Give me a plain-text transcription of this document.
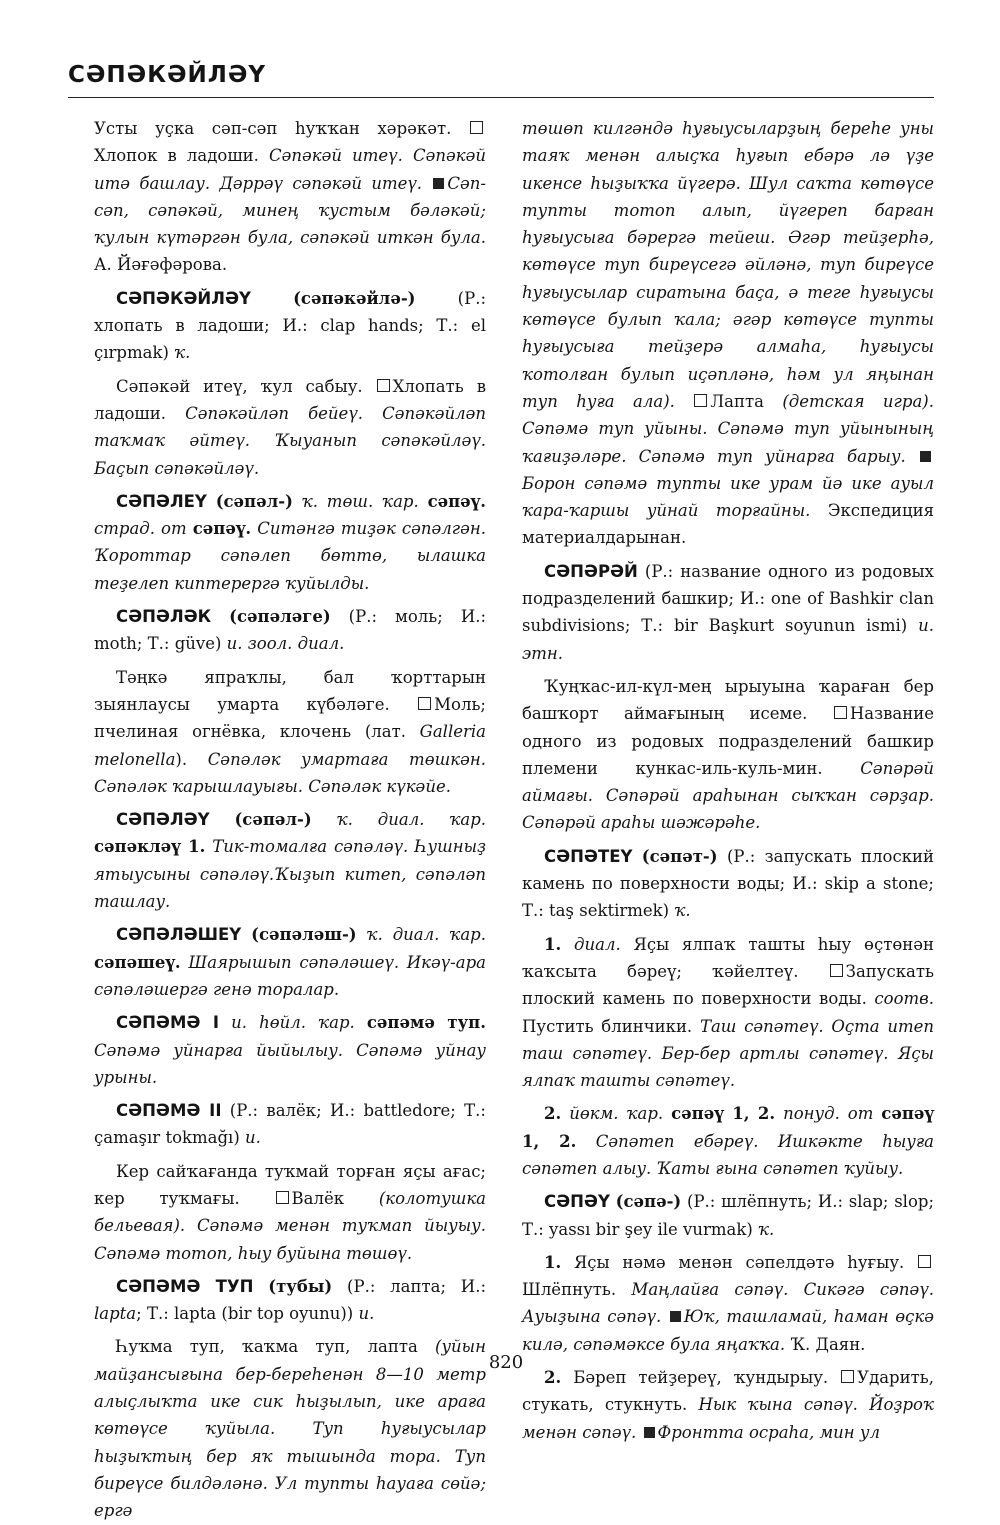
СӘПӘКӘЙЛӘҮ

Усты уҫка сәп-сәп һуҡҡан хәрәкәт. Хлопок в ладоши. Сәпәкәй итеү. Сәпәкәй итә башлау. Дәррәү сәпәкәй итеү. Сәп-сәп, сәпәкәй, минең ҡустым бәләкәй; ҡулын күтәргән була, сәпәкәй иткән була. А. Йәғәфәрова.

СӘПӘКӘЙЛӘҮ	(сәпәкәйлә-)	(Р.: хлопать в ладоши; И.: clap hands; Т.: el çırpmak) ҡ.

Сәпәкәй итеү, ҡул сабыу. Хлопать в ладоши. Сәпәкәйләп бейеү. Сәпәкәйләп таҡмаҡ әйтеү. Ҡыуанып сәпәкәйләү. Баҫып сәпәкәйләү.

СӘПӘЛЕҮ (сәпәл-) ҡ. төш. ҡар. сәпәү. страд. от сәпәү. Ситәнгә тиҙәк сәпәлгән. Ҡороттар сәпәлеп бөттө, ылашка теҙелеп киптерергә ҡуйылды.

СӘПӘЛӘК (сәпәләге) (Р.: моль; И.: moth; Т.: güve) и. зоол. диал.

Тәңкә япраҡлы, бал ҡорттарын зыянлаусы умарта күбәләге.	Моль; пчелиная огнёвка, клочень (лат. Galleria melonella). Сәпәләк умартаға төшкән. Сәпәләк ҡарышлауығы. Сәпәләк күкәйе.

СӘПӘЛӘҮ (сәпәл-) ҡ. диал. ҡар. сәпәкләү 1. Тик-томалға сәпәләү. Һушныҙ ятыусыны сәпәләү.Ҡыҙып китеп, сәпәләп ташлау.

СӘПӘЛӘШЕҮ (сәпәләш-) ҡ. диал. ҡар. сәпәшеү. Шаярышып сәпәләшеү. Икәү-ара сәпәләшергә генә торалар.

СӘПӘМӘ I и. һөйл. ҡар. сәпәмә туп. Сәпәмә уйнарға йыйылыу. Сәпәмә уйнау урыны.

СӘПӘМӘ II (Р.: валёк; И.: battledore; Т.: çamaşır tokmağı) и.

Кер сайҡағанда туҡмай торған яҫы ағас; кер туҡмағы.	Валёк (колотушка бельевая). Сәпәмә менән туҡмап йыуыу. Сәпәмә тотоп, һыу буйына төшөү.

СӘПӘМӘ ТУП (тубы) (Р.: лапта; И.: lapta; Т.: lapta (bir top oyunu)) и.

Һуҡма туп, ҡаҡма туп, лапта (уйын майҙансығына бер-береһенән 8—10 метр алыҫлыҡта ике сик һыҙылып, ике араға көтөүсе ҡуйыла. Туп һуғыусылар һыҙыҡтың бер яҡ тышында тора. Туп биреүсе билдәләнә. Ул тупты һауаға сөйә; ергә

төшөп килгәндә һуғыусыларҙың береһе уны таяҡ менән алыҫҡа һуғып ебәрә лә үҙе икенсе һыҙыҡҡа йүгерә. Шул саҡта көтөүсе тупты тотоп алып, йүгереп барған һуғыусыға бәрергә тейеш. Әгәр тейҙерһә, көтөүсе туп биреүсегә әйләнә, туп биреүсе һуғыусылар сиратына баҫа, ә теге һуғыусы көтөүсе булып ҡала; әгәр көтөүсе тупты һуғыусыға тейҙерә алмаһа, һуғыусы ҡотолған булып иҫәпләнә, һәм ул яңынан туп һуға ала). Лапта (детская игра). Сәпәмә туп уйыны. Сәпәмә туп уйынының ҡағиҙәләре. Сәпәмә туп уйнарға барыу. Борон сәпәмә тупты ике урам йә ике ауыл ҡара-ҡаршы уйнай торғайны. Экспедиция материалдарынан.

СӘПӘРӘЙ (Р.: название одного из родовых подразделений башкир; И.: one of Bashkir clan subdivisions; Т.: bir Başkurt soyunun ismi) и. этн.

Ҡуңҡас-ил-күл-мең ырыуына ҡараған бер башҡорт аймағының исеме.	Название одного из родовых подразделений башкир племени кункас-иль-куль-мин. Сәпәрәй аймағы. Сәпәрәй араһынан сыҡҡан сәрҙар. Сәпәрәй араһы шәжәрәһе.

СӘПӘТЕҮ (сәпәт-) (Р.: запускать плоский камень по поверхности воды; И.: skip a stone; Т.: taş sektirmek) ҡ.

1. диал. Яҫы ялпаҡ ташты һыу өҫтөнән ҡаҡсыта бәреү; ҡәйелтеү.	Запускать плоский камень по поверхности воды. соотв. Пустить блинчики. Таш сәпәтеү. Оҫта итеп таш сәпәтеү. Бер-бер артлы сәпәтеү. Яҫы ялпаҡ ташты сәпәтеү.

2. йөкм. ҡар. сәпәү 1, 2. понуд. от сәпәү 1, 2. Сәпәтеп ебәреү. Ишкәкте һыуға сәпәтеп алыу. Ҡаты ғына сәпәтеп ҡуйыу.

СӘПӘҮ (сәпә-) (Р.: шлёпнуть; И.: slap; slop; Т.: yassı bir şey ile vurmak) ҡ.

1. Яҫы нәмә менән сәпелдәтә һуғыу. Шлёпнуть. Маңлайға сәпәү. Сикәгә сәпәү. Ауыҙына сәпәү. Юҡ, ташламай, һаман өҫкә килә, сәпәмәксе була яңаҡҡа. Ҡ. Даян.

2. Бәреп тейҙереү, ҡундырыу. Ударить, стукать, стукнуть. Нык ҡына сәпәү. Йоҙроҡ менән сәпәү. Фронтта осраһа, мин ул

820
